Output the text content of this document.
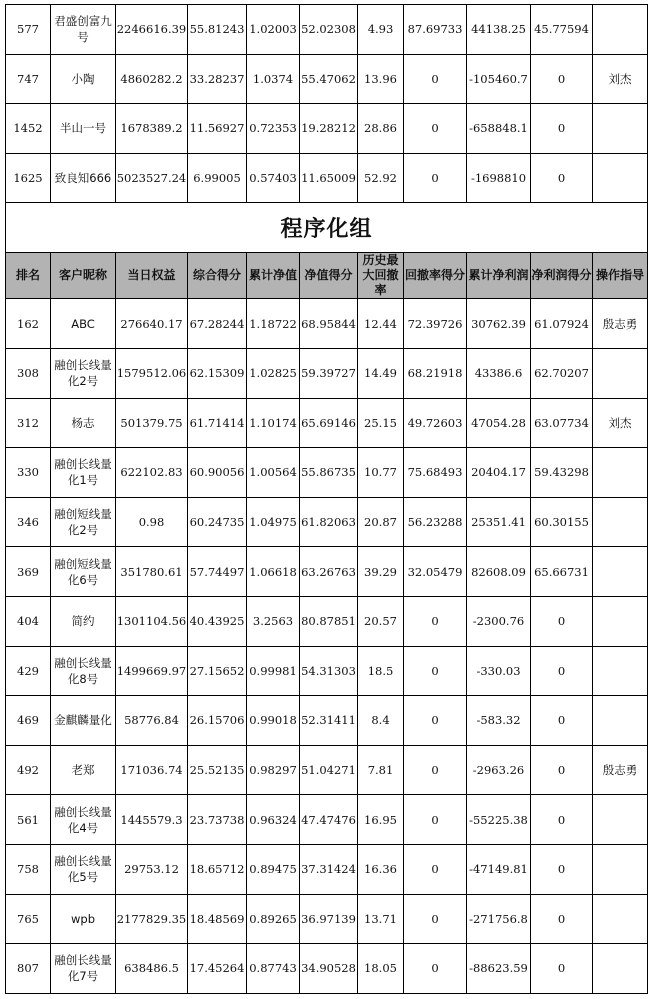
577	君盛创富九号	2246616.39	55.81243	1.02003	52.02308	4.93	87.69733	44138.25	45.77594	
747	小陶	4860282.2	33.28237	1.0374	55.47062	13.96	0	-105460.7	0	刘杰
1452	半山一号	1678389.2	11.56927	0.72353	19.28212	28.86	0	-658848.1	0	
1625	致良知666	5023527.24	6.99005	0.57403	11.65009	52.92	0	-1698810	0	
程序化组										
排名	客户昵称	当日权益	综合得分	累计净值	净值得分	历史最大回撤率	回撤率得分	累计净利润	净利润得分	操作指导
162	ABC	276640.17	67.28244	1.18722	68.95844	12.44	72.39726	30762.39	61.07924	殷志勇
308	融创长线量化2号	1579512.06	62.15309	1.02825	59.39727	14.49	68.21918	43386.6	62.70207	
312	杨志	501379.75	61.71414	1.10174	65.69146	25.15	49.72603	47054.28	63.07734	刘杰
330	融创长线量化1号	622102.83	60.90056	1.00564	55.86735	10.77	75.68493	20404.17	59.43298	
346	融创短线量化2号	0.98	60.24735	1.04975	61.82063	20.87	56.23288	25351.41	60.30155	
369	融创短线量化6号	351780.61	57.74497	1.06618	63.26763	39.29	32.05479	82608.09	65.66731	
404	简约	1301104.56	40.43925	3.2563	80.87851	20.57	0	-2300.76	0	
429	融创长线量化8号	1499669.97	27.15652	0.99981	54.31303	18.5	0	-330.03	0	
469	金麒麟量化	58776.84	26.15706	0.99018	52.31411	8.4	0	-583.32	0	
492	老郑	171036.74	25.52135	0.98297	51.04271	7.81	0	-2963.26	0	殷志勇
561	融创长线量化4号	1445579.3	23.73738	0.96324	47.47476	16.95	0	-55225.38	0	
758	融创长线量化5号	29753.12	18.65712	0.89475	37.31424	16.36	0	-47149.81	0	
765	wpb	2177829.35	18.48569	0.89265	36.97139	13.71	0	-271756.8	0	
807	融创长线量化7号	638486.5	17.45264	0.87743	34.90528	18.05	0	-88623.59	0	
